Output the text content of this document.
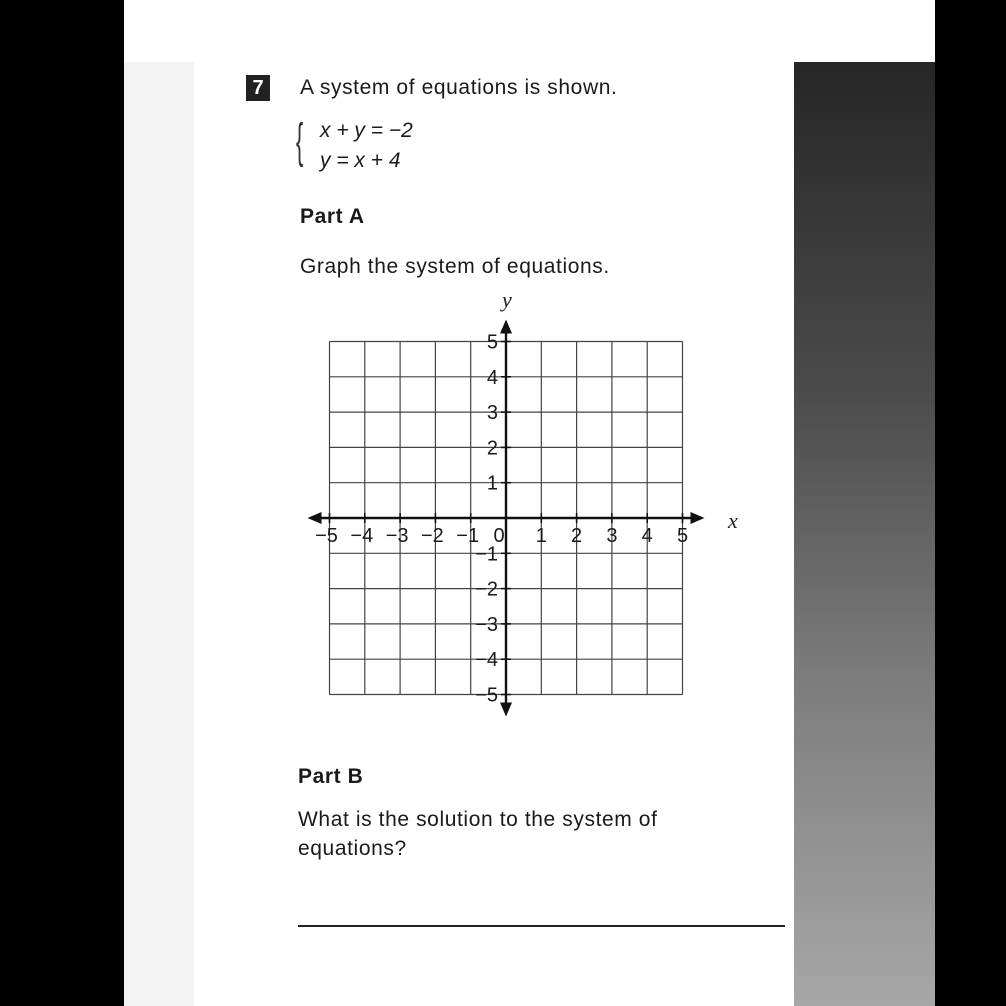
7	A system of equations is shown.
{ x + y = −2
y = x + 4
Part A
Graph the system of equations.
−5 −4 −3 −2 −1 0 1 2 3 4 5
5
4
3
2
1
−1
−2
−3
−4
−5
x
y
Part B
What is the solution to the system of
equations?
